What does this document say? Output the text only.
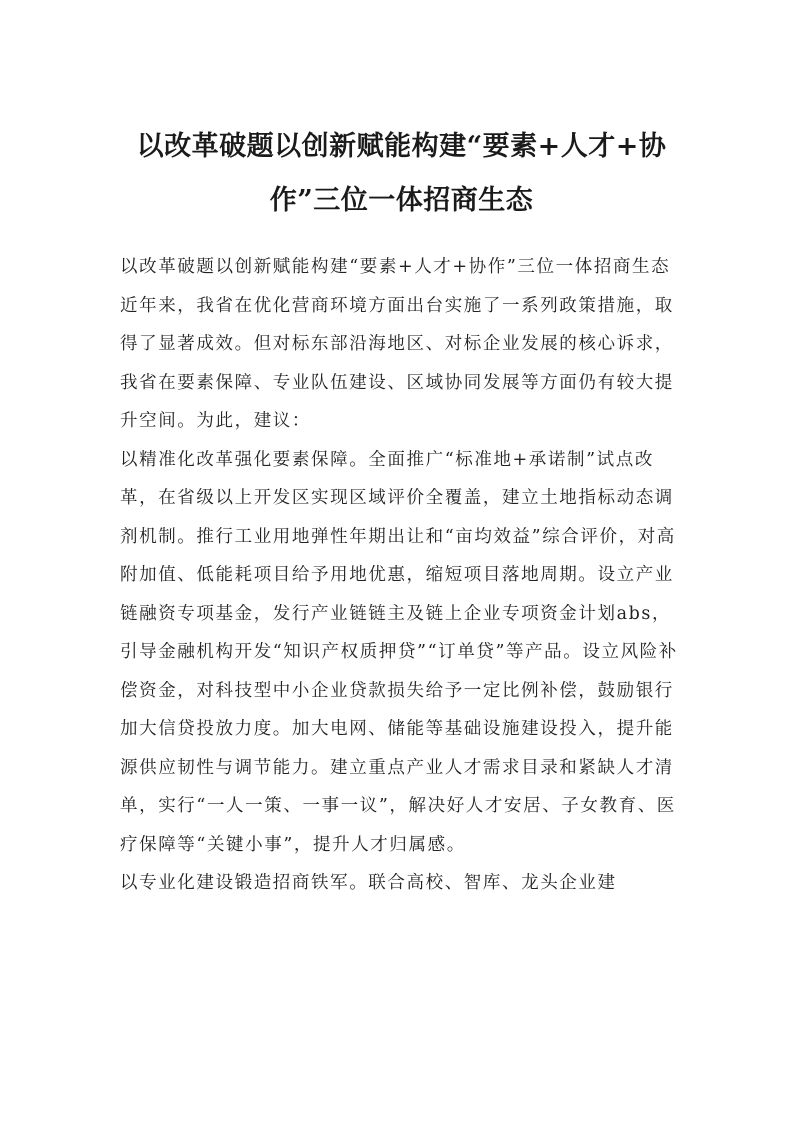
以改革破题以创新赋能构建“要素+人才+协作”三位一体招商生态

以改革破题以创新赋能构建“要素+人才+协作”三位一体招商生态

近年来，我省在优化营商环境方面出台实施了一系列政策措施，取得了显著成效。但对标东部沿海地区、对标企业发展的核心诉求，我省在要素保障、专业队伍建设、区域协同发展等方面仍有较大提升空间。为此，建议：

以精准化改革强化要素保障。全面推广“标准地+承诺制”试点改革，在省级以上开发区实现区域评价全覆盖，建立土地指标动态调剂机制。推行工业用地弹性年期出让和“亩均效益”综合评价，对高附加值、低能耗项目给予用地优惠，缩短项目落地周期。设立产业链融资专项基金，发行产业链链主及链上企业专项资金计划abs，引导金融机构开发“知识产权质押贷”“订单贷”等产品。设立风险补偿资金，对科技型中小企业贷款损失给予一定比例补偿，鼓励银行加大信贷投放力度。加大电网、储能等基础设施建设投入，提升能源供应韧性与调节能力。建立重点产业人才需求目录和紧缺人才清单，实行“一人一策、一事一议”，解决好人才安居、子女教育、医疗保障等“关键小事”，提升人才归属感。

以专业化建设锻造招商铁军。联合高校、智库、龙头企业建
